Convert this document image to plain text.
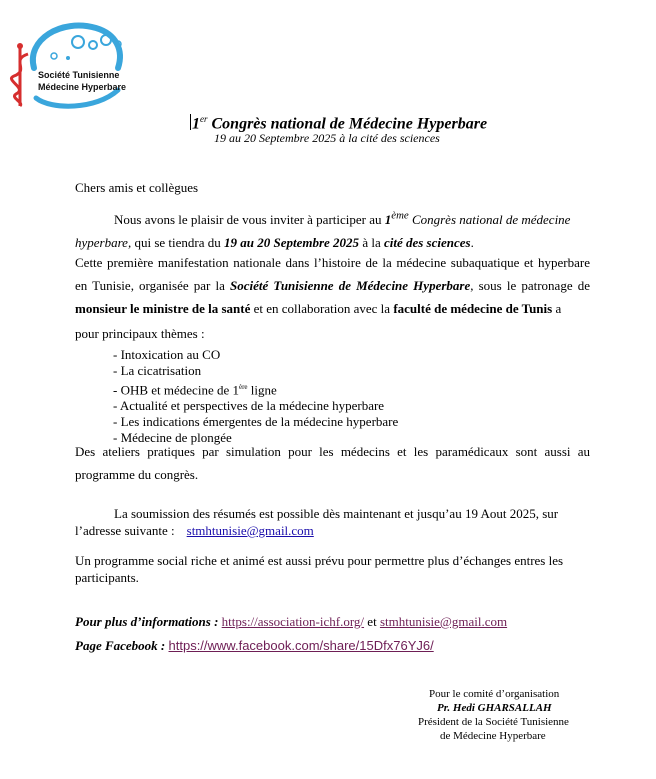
Société Tunisienne
Médecine Hyperbare
1er Congrès national de Médecine Hyperbare
19 au 20 Septembre 2025 à la cité des sciences
Chers amis et collègues
Nous avons le plaisir de vous inviter à participer au 1ème Congrès national de médecine hyperbare, qui se tiendra du 19 au 20 Septembre 2025 à la cité des sciences.
Cette première manifestation nationale dans l’histoire de la médecine subaquatique et hyperbare en Tunisie, organisée par la Société Tunisienne de Médecine Hyperbare, sous le patronage de monsieur le ministre de la santé et en collaboration avec la faculté de médecine de Tunis a
pour principaux thèmes :
- Intoxication au CO
- La cicatrisation
- OHB et médecine de 1ère ligne
- Actualité et perspectives de la médecine hyperbare
- Les indications émergentes de la médecine hyperbare
- Médecine de plongée
Des ateliers pratiques par simulation pour les médecins et les paramédicaux sont aussi au programme du congrès.
La soumission des résumés est possible dès maintenant et jusqu’au 19 Aout 2025, sur l’adresse suivante : stmhtunisie@gmail.com
Un programme social riche et animé est aussi prévu pour permettre plus d’échanges entres les participants.
Pour plus d’informations : https://association-ichf.org/ et stmhtunisie@gmail.com
Page Facebook : https://www.facebook.com/share/15Dfx76YJ6/
Pour le comité d’organisation
Pr. Hedi GHARSALLAH
Président de la Société Tunisienne
de Médecine Hyperbare
